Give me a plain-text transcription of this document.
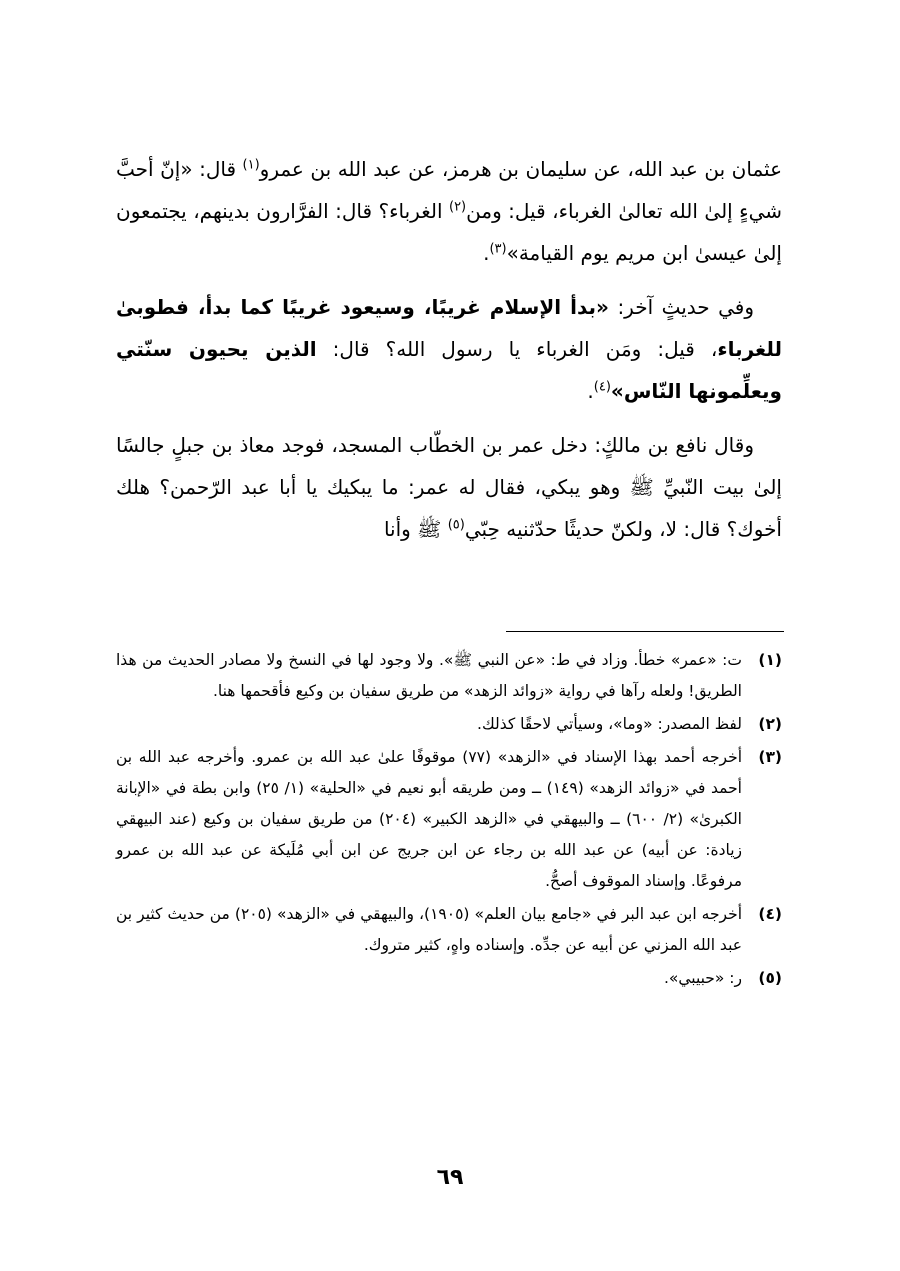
عثمان بن عبد الله، عن سليمان بن هرمز، عن عبد الله بن عمرو$^{(١)}$ قال: «إنّ أحبَّ شيءٍ إلىٰ الله تعالىٰ الغرباء، قيل: ومن$^{(٢)}$ الغرباء؟ قال: الفرَّارون بدينهم، يجتمعون إلىٰ عيسىٰ ابن مريم يوم القيامة»$^{(٣)}$.

وفي حديثٍ آخر: «بدأ الإسلام غريبًا، وسيعود غريبًا كما بدأ، فطوبىٰ للغرباء، قيل: ومَن الغرباء يا رسول الله؟ قال: الذين يحيون سنّتي ويعلِّمونها النّاس»$^{(٤)}$.

وقال نافع بن مالكٍ: دخل عمر بن الخطّاب المسجد، فوجد معاذ بن جبلٍ جالسًا إلىٰ بيت النّبيِّ ﷺ وهو يبكي، فقال له عمر: ما يبكيك يا أبا عبد الرّحمن؟ هلك أخوك؟ قال: لا، ولكنّ حديثًا حدّثنيه حِبّي$^{(٥)}$ ﷺ وأنا

(١)
ت: «عمر» خطأ. وزاد في ط: «عن النبي ﷺ». ولا وجود لها في النسخ ولا مصادر الحديث من هذا الطريق! ولعله رآها في رواية «زوائد الزهد» من طريق سفيان بن وكيع فأقحمها هنا.
(٢)
لفظ المصدر: «وما»، وسيأتي لاحقًا كذلك.
(٣)
أخرجه أحمد بهذا الإسناد في «الزهد» (٧٧) موقوفًا علىٰ عبد الله بن عمرو. وأخرجه عبد الله بن أحمد في «زوائد الزهد» (١٤٩) ــ ومن طريقه أبو نعيم في «الحلية» (١/ ٢٥) وابن بطة في «الإبانة الكبرىٰ» (٢/ ٦٠٠) ــ والبيهقي في «الزهد الكبير» (٢٠٤) من طريق سفيان بن وكيع (عند البيهقي زيادة: عن أبيه) عن عبد الله بن رجاء عن ابن جريج عن ابن أبي مُلَيكة عن عبد الله بن عمرو مرفوعًا. وإسناد الموقوف أصحُّ.
(٤)
أخرجه ابن عبد البر في «جامع بيان العلم» (١٩٠٥)، والبيهقي في «الزهد» (٢٠٥) من حديث كثير بن عبد الله المزني عن أبيه عن جدِّه. وإسناده واهٍ، كثير متروك.
(٥)
ر: «حبيبي».
٦٩
